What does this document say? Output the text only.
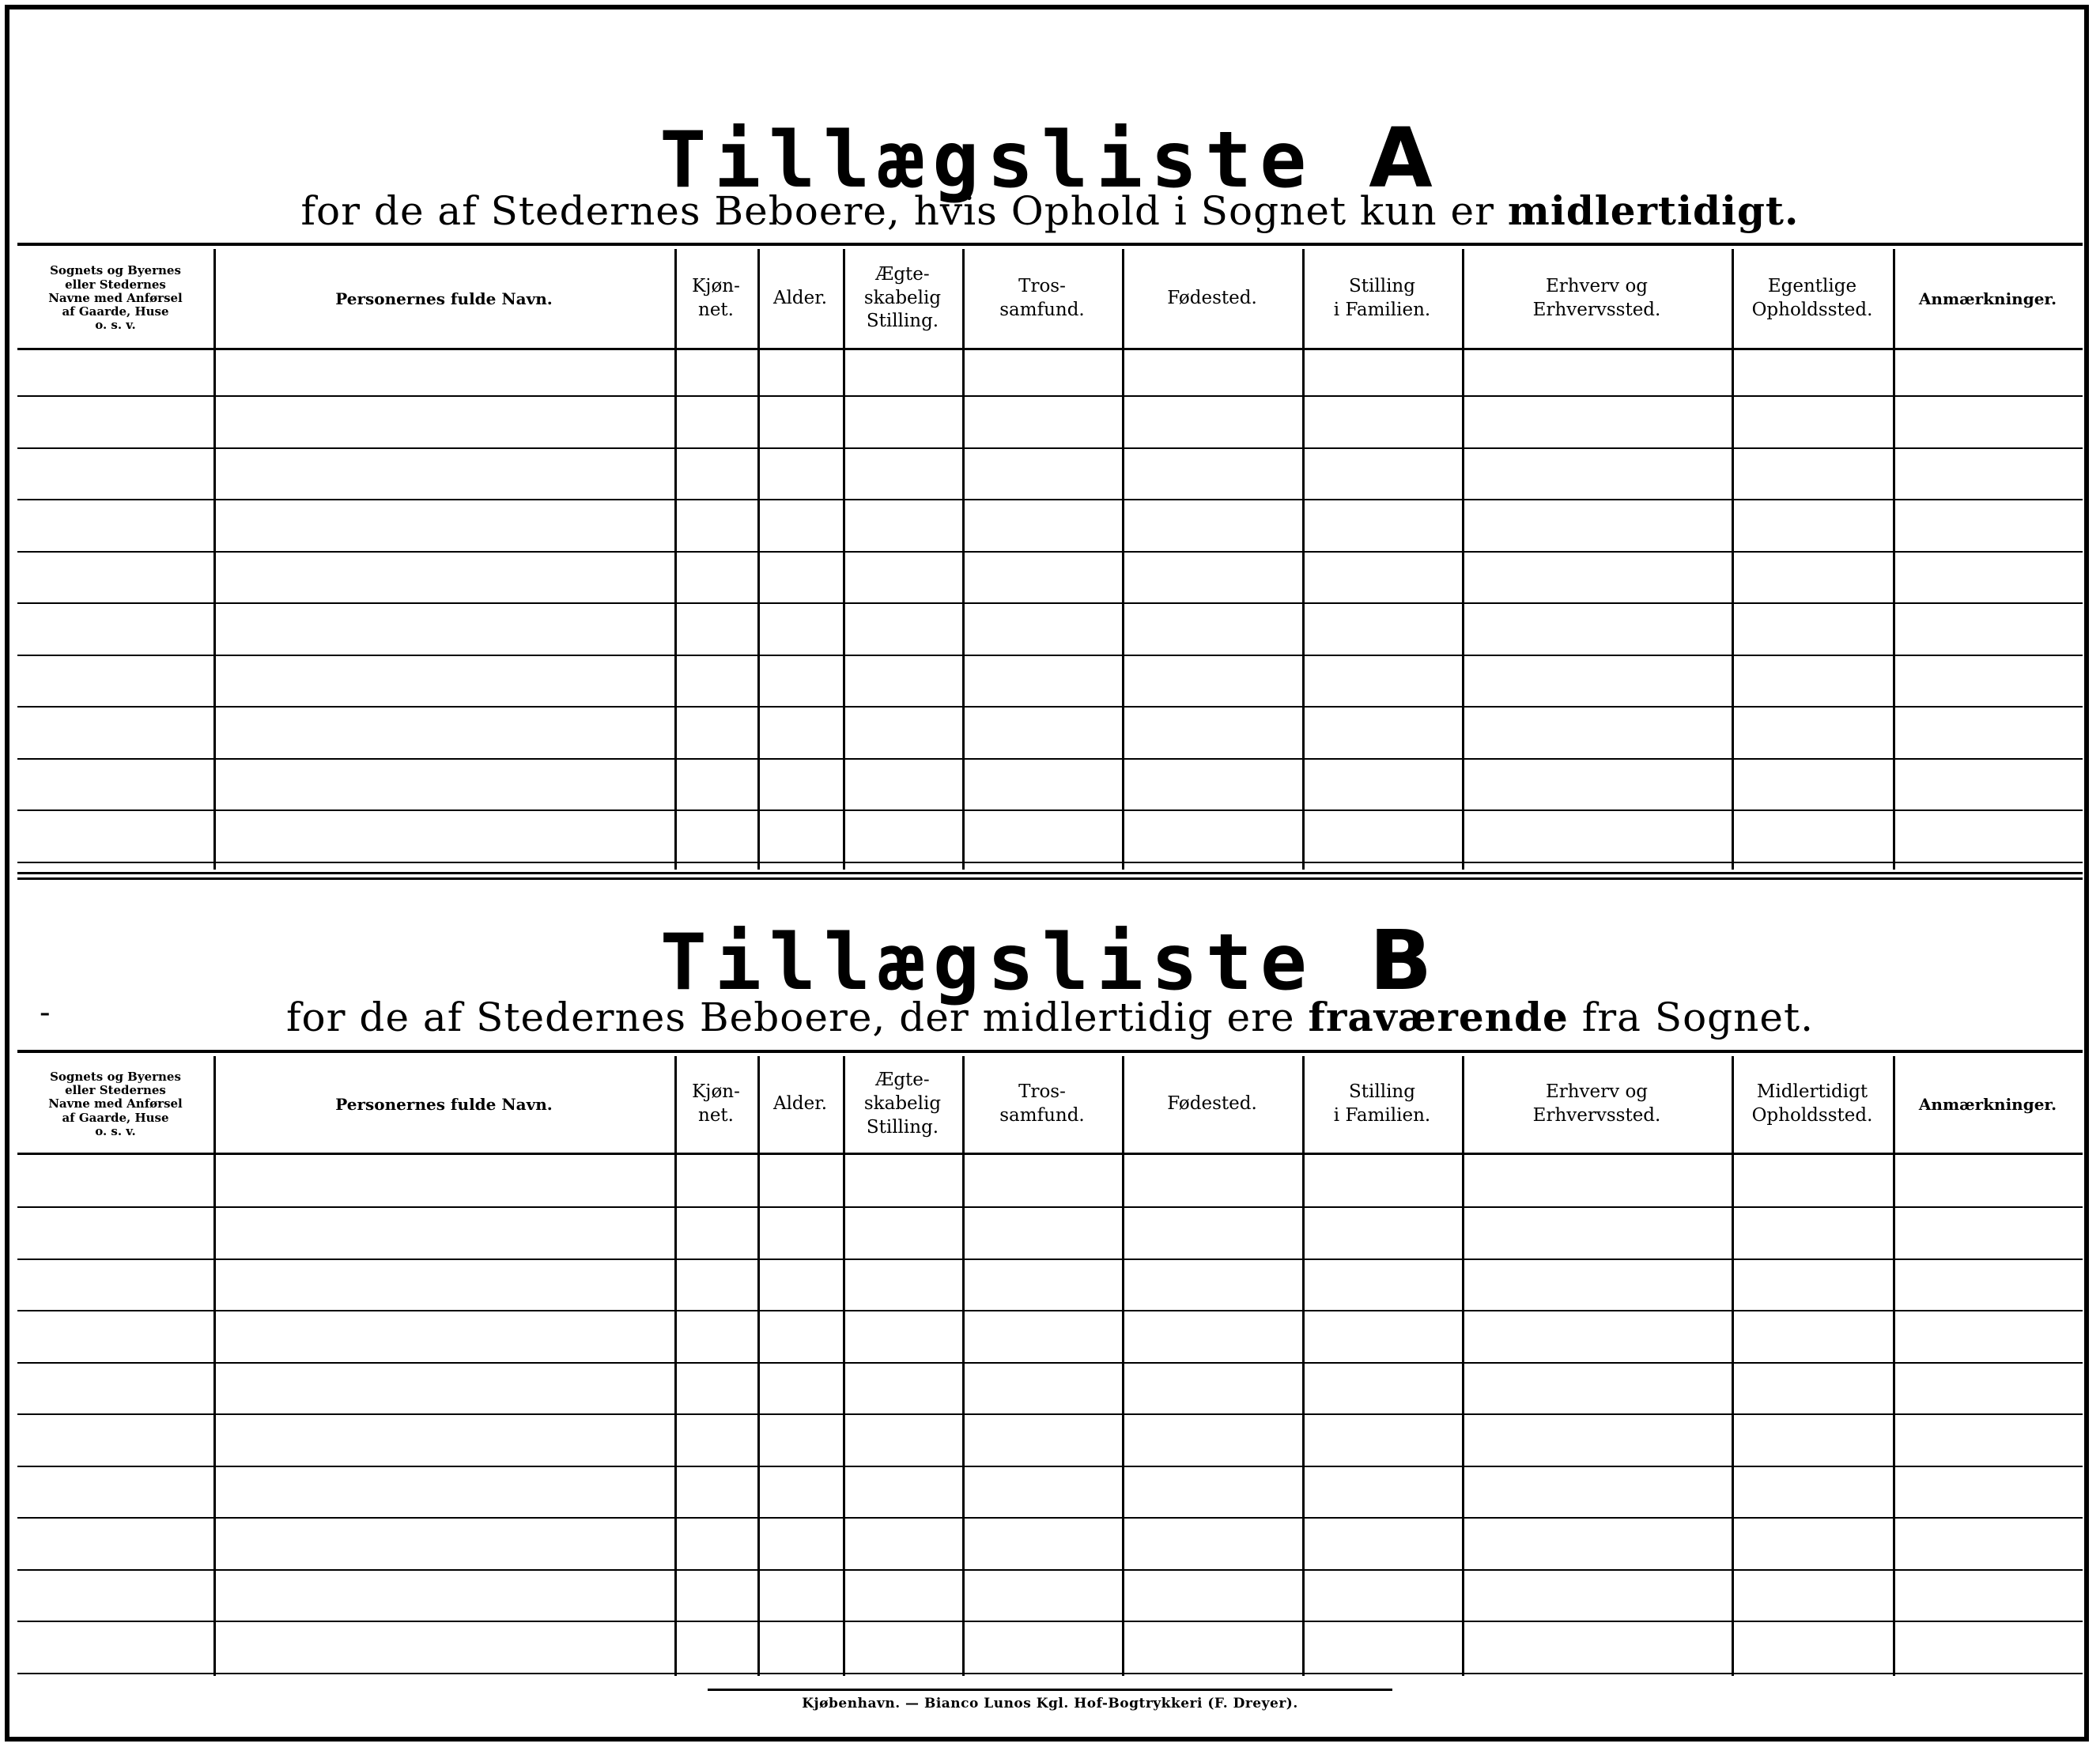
Tillægsliste A
for de af Stedernes Beboere, hvis Ophold i Sognet kun er midlertidigt.
Sognets og Byernes
eller Stedernes
Navne med Anførsel
af Gaarde, Huse
o. s. v.
Personernes fulde Navn.
Kjøn-
net.
Alder.
Ægte-
skabelig
Stilling.
Tros-
samfund.
Fødested.
Stilling
i Familien.
Erhverv og
Erhvervssted.
Egentlige
Opholdssted.
Anmærkninger.
Tillægsliste B
-	for de af Stedernes Beboere, der midlertidig ere fraværende fra Sognet.
Sognets og Byernes
eller Stedernes
Navne med Anførsel
af Gaarde, Huse
o. s. v.
Personernes fulde Navn.
Kjøn-
net.
Alder.
Ægte-
skabelig
Stilling.
Tros-
samfund.
Fødested.
Stilling
i Familien.
Erhverv og
Erhvervssted.
Midlertidigt
Opholdssted.
Anmærkninger.
Kjøbenhavn. — Bianco Lunos Kgl. Hof-Bogtrykkeri (F. Dreyer).
